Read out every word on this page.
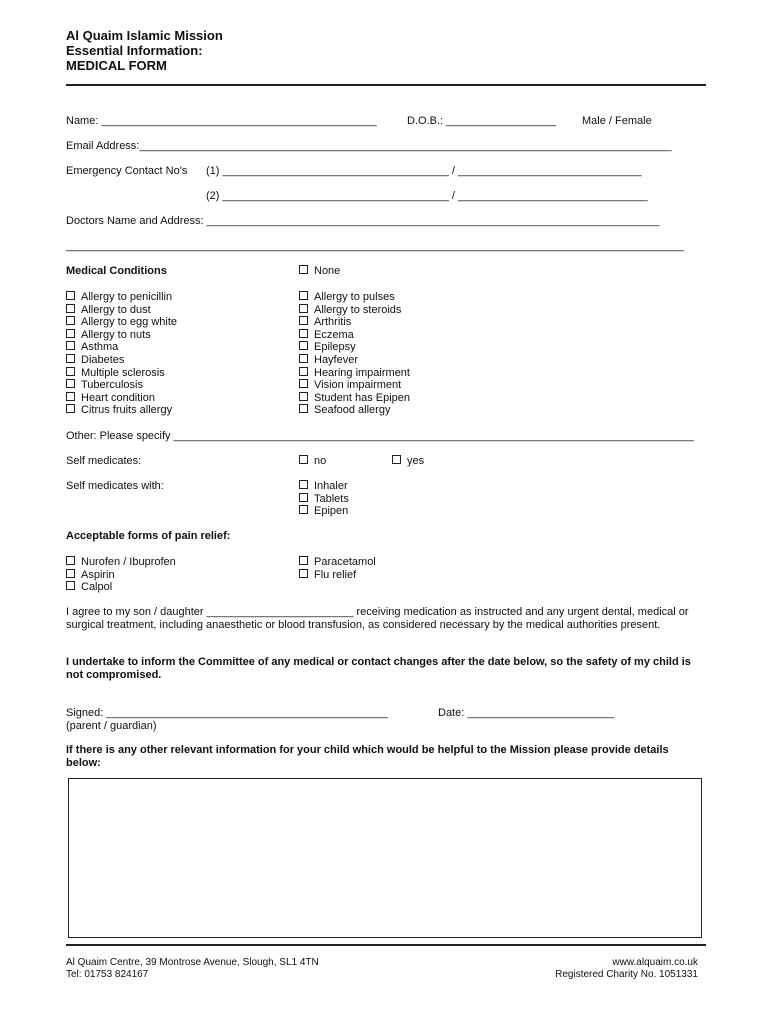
Al Quaim Islamic Mission
Essential Information:
MEDICAL FORM
Name: _____________________________________________	D.O.B.: __________________ Male / Female
Email Address:_______________________________________________________________________________________
Emergency Contact No's (1) _____________________________________ / ______________________________
(2) _____________________________________ / _______________________________
Doctors Name and Address: __________________________________________________________________________
_____________________________________________________________________________________________________
Medical Conditions	None
Allergy to penicillin
Allergy to dust
Allergy to egg white
Allergy to nuts
Asthma
Diabetes
Multiple sclerosis
Tuberculosis
Heart condition
Citrus fruits allergy
Allergy to pulses
Allergy to steroids
Arthritis
Eczema
Epilepsy
Hayfever
Hearing impairment
Vision impairment
Student has Epipen
Seafood allergy
Other: Please specify _____________________________________________________________________________________
Self medicates:	no	yes
Self medicates with:	Inhaler
Tablets
Epipen
Acceptable forms of pain relief:
Nurofen / Ibuprofen
Aspirin
Calpol
Paracetamol
Flu relief
I agree to my son / daughter ________________________ receiving medication as instructed and any urgent dental, medical or surgical treatment, including anaesthetic or blood transfusion, as considered necessary by the medical authorities present.
I undertake to inform the Committee of any medical or contact changes after the date below, so the safety of my child is not compromised.
Signed: ______________________________________________
(parent / guardian)
Date: ________________________
If there is any other relevant information for your child which would be helpful to the Mission please provide details below:
Al Quaim Centre, 39 Montrose Avenue, Slough, SL1 4TN
Tel: 01753 824167
www.alquaim.co.uk
Registered Charity No. 1051331
